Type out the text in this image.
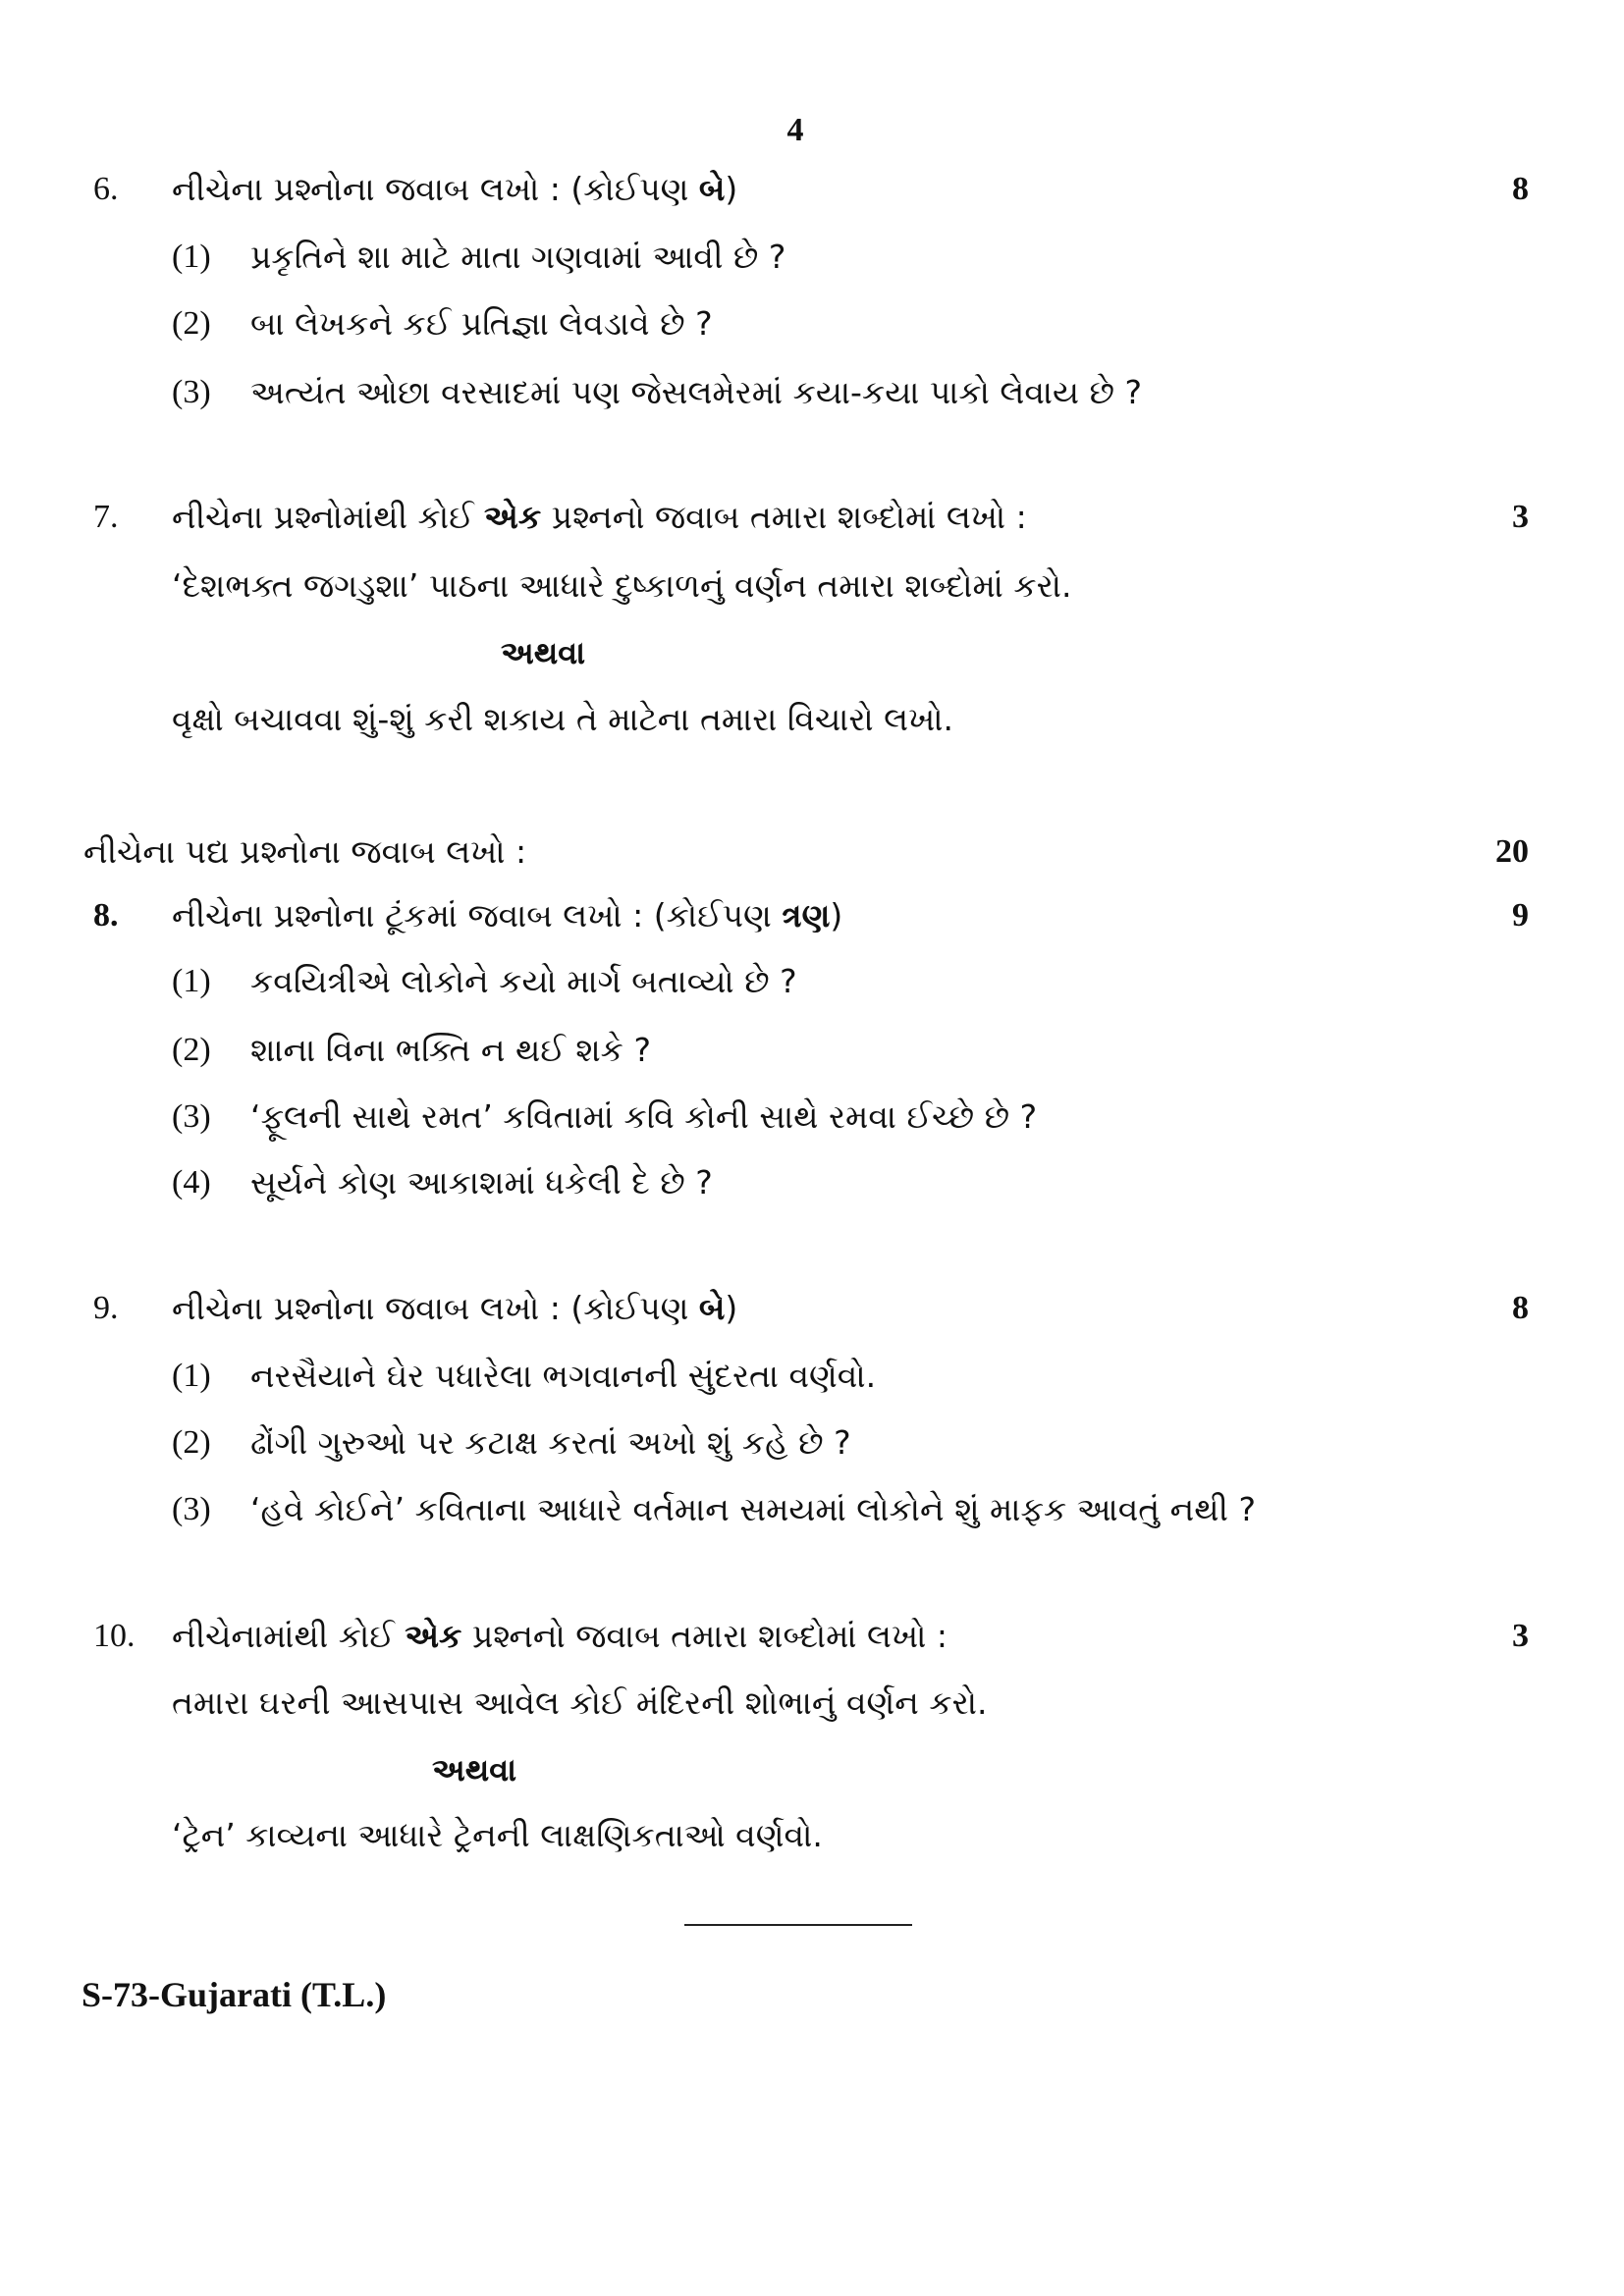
4
6. નીચેના પ્રશ્નોના જવાબ લખો : (કોઈપણ બે)	8
(1) પ્રકૃતિને શા માટે માતા ગણવામાં આવી છે ?
(2) બા લેખકને કઈ પ્રતિજ્ઞા લેવડાવે છે ?
(3) અત્યંત ઓછા વરસાદમાં પણ જેસલમેરમાં કયા-કયા પાકો લેવાય છે ?
7. નીચેના પ્રશ્નોમાંથી કોઈ એક પ્રશ્નનો જવાબ તમારા શબ્દોમાં લખો :	3
‘દેશભક્ત જગડુશા’ પાઠના આધારે દુષ્કાળનું વર્ણન તમારા શબ્દોમાં કરો.
અથવા
વૃક્ષો બચાવવા શું-શું કરી શકાય તે માટેના તમારા વિચારો લખો.
નીચેના પદ્ય પ્રશ્નોના જવાબ લખો :	20
8. નીચેના પ્રશ્નોના ટૂંકમાં જવાબ લખો : (કોઈપણ ત્રણ)	9
(1) કવયિત્રીએ લોકોને કયો માર્ગ બતાવ્યો છે ?
(2) શાના વિના ભક્તિ ન થઈ શકે ?
(3) ‘ફૂલની સાથે રમત’ કવિતામાં કવિ કોની સાથે રમવા ઈચ્છે છે ?
(4) સૂર્યને કોણ આકાશમાં ધકેલી દે છે ?
9. નીચેના પ્રશ્નોના જવાબ લખો : (કોઈપણ બે)	8
(1) નરસૈયાને ઘેર પધારેલા ભગવાનની સુંદરતા વર્ણવો.
(2) ઢોંગી ગુરુઓ પર કટાક્ષ કરતાં અખો શું કહે છે ?
(3) ‘હવે કોઈને’ કવિતાના આધારે વર્તમાન સમયમાં લોકોને શું માફક આવતું નથી ?
10. નીચેનામાંથી કોઈ એક પ્રશ્નનો જવાબ તમારા શબ્દોમાં લખો :	3
તમારા ઘરની આસપાસ આવેલ કોઈ મંદિરની શોભાનું વર્ણન કરો.
અથવા
‘ટ્રેન’ કાવ્યના આધારે ટ્રેનની લાક્ષણિકતાઓ વર્ણવો.
S-73-Gujarati (T.L.)
